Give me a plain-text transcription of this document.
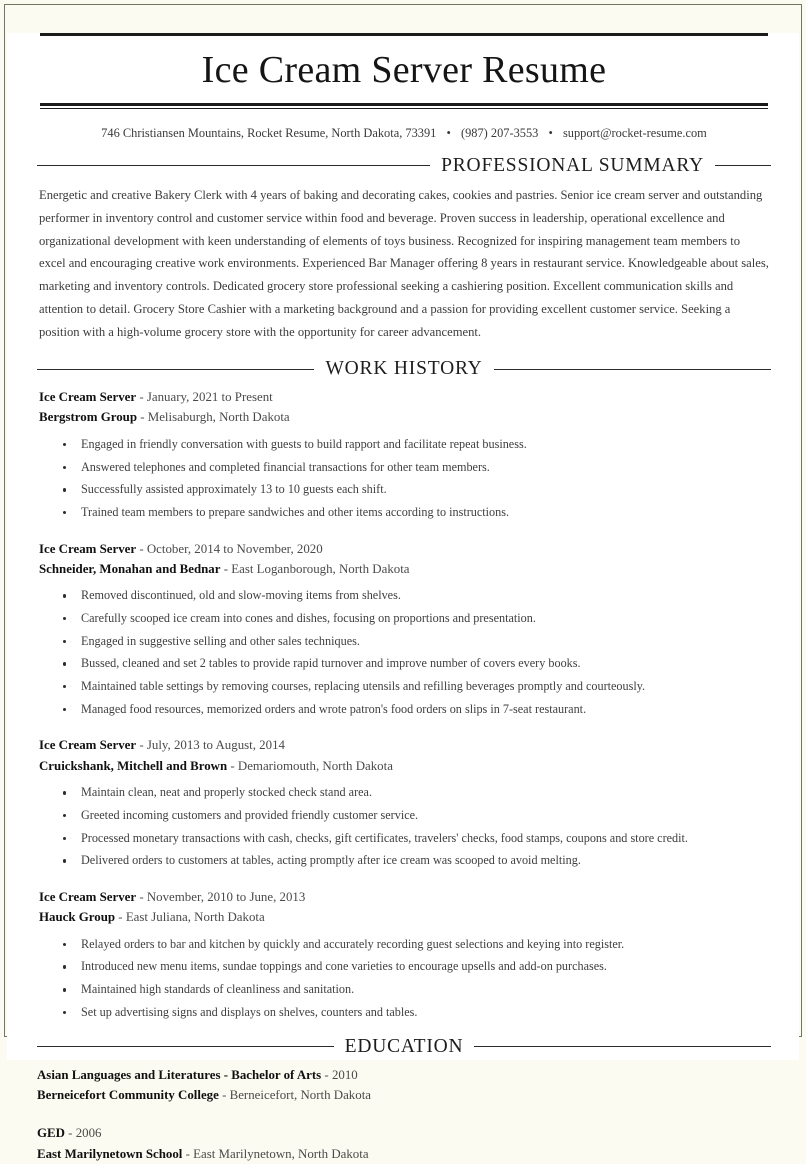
Ice Cream Server Resume
746 Christiansen Mountains, Rocket Resume, North Dakota, 73391 • (987) 207-3553 • support@rocket-resume.com
PROFESSIONAL SUMMARY
Energetic and creative Bakery Clerk with 4 years of baking and decorating cakes, cookies and pastries. Senior ice cream server and outstanding performer in inventory control and customer service within food and beverage. Proven success in leadership, operational excellence and organizational development with keen understanding of elements of toys business. Recognized for inspiring management team members to excel and encouraging creative work environments. Experienced Bar Manager offering 8 years in restaurant service. Knowledgeable about sales, marketing and inventory controls. Dedicated grocery store professional seeking a cashiering position. Excellent communication skills and attention to detail. Grocery Store Cashier with a marketing background and a passion for providing excellent customer service. Seeking a position with a high-volume grocery store with the opportunity for career advancement.
WORK HISTORY
Ice Cream Server - January, 2021 to Present
Bergstrom Group - Melisaburgh, North Dakota
Engaged in friendly conversation with guests to build rapport and facilitate repeat business.
Answered telephones and completed financial transactions for other team members.
Successfully assisted approximately 13 to 10 guests each shift.
Trained team members to prepare sandwiches and other items according to instructions.
Ice Cream Server - October, 2014 to November, 2020
Schneider, Monahan and Bednar - East Loganborough, North Dakota
Removed discontinued, old and slow-moving items from shelves.
Carefully scooped ice cream into cones and dishes, focusing on proportions and presentation.
Engaged in suggestive selling and other sales techniques.
Bussed, cleaned and set 2 tables to provide rapid turnover and improve number of covers every books.
Maintained table settings by removing courses, replacing utensils and refilling beverages promptly and courteously.
Managed food resources, memorized orders and wrote patron's food orders on slips in 7-seat restaurant.
Ice Cream Server - July, 2013 to August, 2014
Cruickshank, Mitchell and Brown - Demariomouth, North Dakota
Maintain clean, neat and properly stocked check stand area.
Greeted incoming customers and provided friendly customer service.
Processed monetary transactions with cash, checks, gift certificates, travelers' checks, food stamps, coupons and store credit.
Delivered orders to customers at tables, acting promptly after ice cream was scooped to avoid melting.
Ice Cream Server - November, 2010 to June, 2013
Hauck Group - East Juliana, North Dakota
Relayed orders to bar and kitchen by quickly and accurately recording guest selections and keying into register.
Introduced new menu items, sundae toppings and cone varieties to encourage upsells and add-on purchases.
Maintained high standards of cleanliness and sanitation.
Set up advertising signs and displays on shelves, counters and tables.
EDUCATION
Asian Languages and Literatures - Bachelor of Arts - 2010
Berneicefort Community College - Berneicefort, North Dakota
GED - 2006
East Marilynetown School - East Marilynetown, North Dakota
